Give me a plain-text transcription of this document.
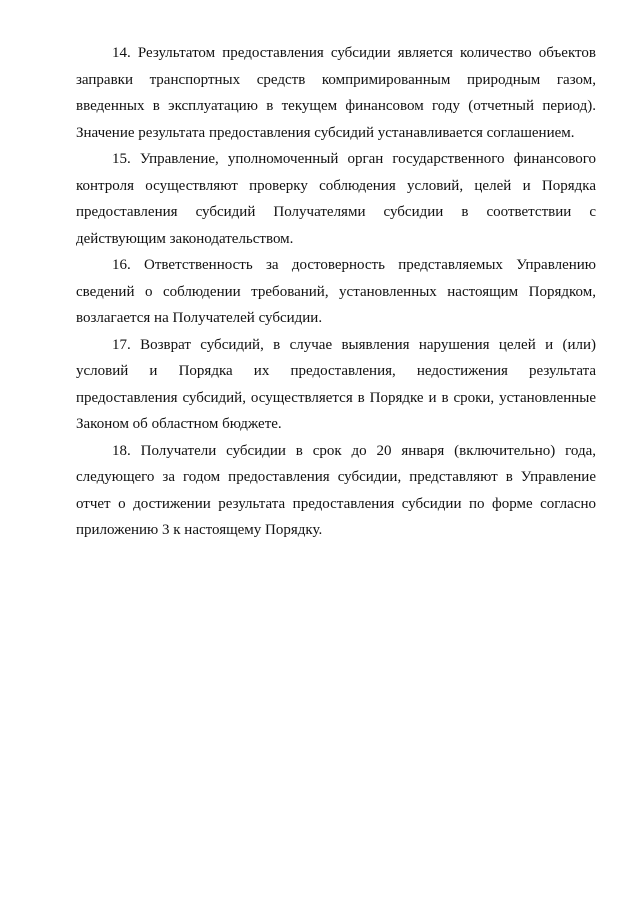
14. Результатом предоставления субсидии является количество объектов заправки транспортных средств компримированным природным газом, введенных в эксплуатацию в текущем финансовом году (отчетный период). Значение результата предоставления субсидий устанавливается соглашением.

15. Управление, уполномоченный орган государственного финансового контроля осуществляют проверку соблюдения условий, целей и Порядка предоставления субсидий Получателями субсидии в соответствии с действующим законодательством.

16. Ответственность за достоверность представляемых Управлению сведений о соблюдении требований, установленных настоящим Порядком, возлагается на Получателей субсидии.

17. Возврат субсидий, в случае выявления нарушения целей и (или) условий и Порядка их предоставления, недостижения результата предоставления субсидий, осуществляется в Порядке и в сроки, установленные Законом об областном бюджете.

18. Получатели субсидии в срок до 20 января (включительно) года, следующего за годом предоставления субсидии, представляют в Управление отчет о достижении результата предоставления субсидии по форме согласно приложению 3 к настоящему Порядку.
